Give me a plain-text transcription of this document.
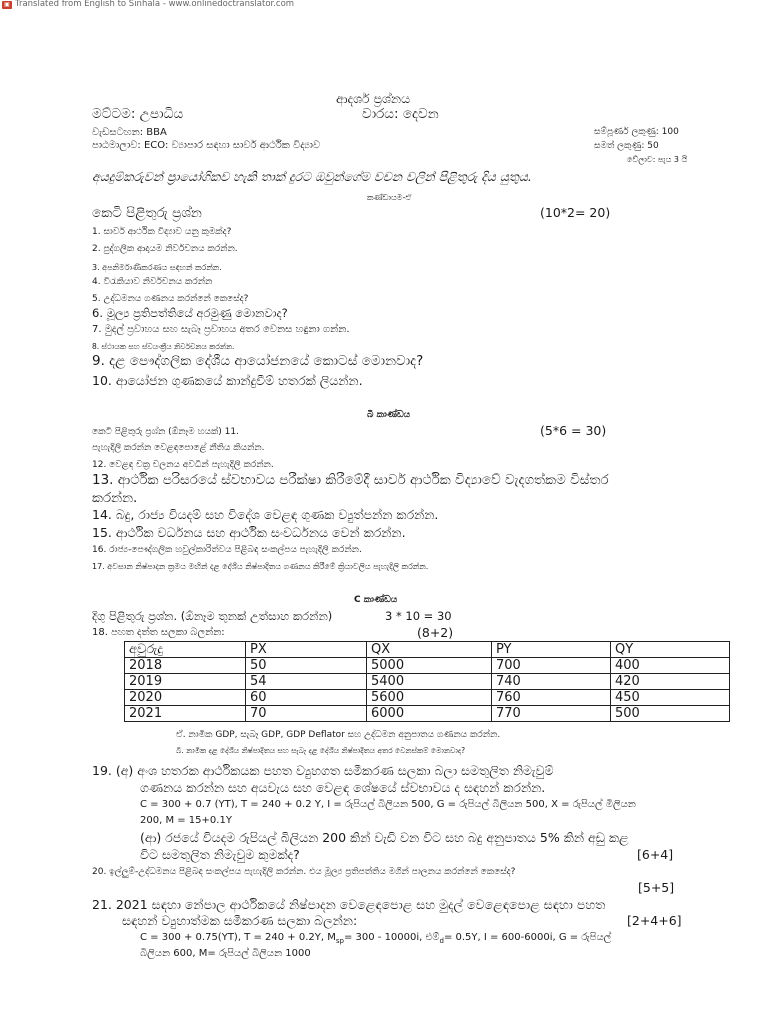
▣ Translated from English to Sinhala - www.onlinedoctranslator.com
ආදර්ශ ප්‍රශ්නය
මට්ටම: උපාධිය	වාරය: දෙවන
වැඩසටහන: BBA	සම්පූර්ණ ලකුණු: 100
පාඨමාලාව: ECO: ව්‍යාපාර සඳහා සාර්ව ආර්ථික විද්‍යාව	සමත් ලකුණු: 50
වේලාව: පැය 3 යි
අයදුම්කරුවන් ප්‍රායෝගිකව හැකි තාක් දුරට ඔවුන්ගේම වචන වලින් පිළිතුරු දිය යුතුය.
කණ්ඩායම-ඒ
කෙටි පිළිතුරු ප්‍රශ්න	(10*2= 20)
1. සාර්ව ආර්ථික විද්‍යාව යනු කුමක්ද?
2. පුද්ගලික ආදායම නිර්වචනය කරන්න.
3. අපනිර්මාණීකරණය සඳහන් කරන්න.
4. විරැකියාව නිර්වචනය කරන්න
5. උද්ධමනය ගණනය කරන්නේ කෙසේද?
6. මූල්‍ය ප්‍රතිපත්තියේ අරමුණු මොනවාද?
7. මුදල් ප්‍රවාහය සහ සැබෑ ප්‍රවාහය අතර වෙනස හඳුනා ගන්න.
8. ස්ථායක සහ ස්වයංක්‍රීය නිර්වචනය කරන්න.
9. දළ පෞද්ගලික දේශීය ආයෝජනයේ කොටස් මොනවාද?
10. ආයෝජන ගුණකයේ කාන්දුවීම් හතරක් ලියන්න.
බී කාණ්ඩය
කෙටි පිළිතුරු ප්‍රශ්න (ඕනෑම හයක්) 11.	(5*6 = 30)
පැහැදිලි කරන්න වෙළඳපොළේ නීතිය කියන්න.
12. වෙළඳ චක්‍ර චලනය අවධීන් පැහැදිලි කරන්න.
13. ආර්ථික පරිසරයේ ස්වභාවය පරීක්ෂා කිරීමේදී සාර්ව ආර්ථික විද්‍යාවේ වැදගත්කම විස්තර
කරන්න.
14. බදු, රාජ්‍ය වියදම් සහ විදේශ වෙළඳ ගුණක ව්‍යුත්පන්න කරන්න.
15. ආර්ථික වර්ධනය සහ ආර්ථික සංවර්ධනය වෙන් කරන්න.
16. රාජ්‍ය-පෞද්ගලික හවුල්කාරිත්වය පිළිබඳ සංකල්පය පැහැදිලි කරන්න.
17. අවසාන නිෂ්පාදන ක්‍රමය මඟින් දළ දේශීය නිෂ්පාදිතය ගණනය කිරීමේ ක්‍රියාවලිය පැහැදිලි කරන්න.
C කාණ්ඩය
දිගු පිළිතුරු ප්‍රශ්න. (ඕනෑම තුනක් උත්සාහ කරන්න)	3 * 10 = 30
18. පහත දත්ත සලකා බලන්න:	(8+2)
අවුරුදු	PX	QX	PY	QY
2018	50	5000	700	400
2019	54	5400	740	420
2020	60	5600	760	450
2021	70	6000	770	500
ඒ. නාමික GDP, සැබෑ GDP, GDP Deflator සහ උද්ධමන අනුපාතය ගණනය කරන්න.
බී. නාමික දළ දේශීය නිෂ්පාදිතය සහ සැබෑ දළ දේශීය නිෂ්පාදිතය අතර වෙනස්කම් මොනවාද?
19. (අ) අංශ හතරක ආර්ථිකයක පහත ව්‍යුහගත සමීකරණ සලකා බලා සමතුලිත නිමැවුම්
ගණනය කරන්න සහ අයවැය සහ වෙළඳ ශේෂයේ ස්වභාවය ද සඳහන් කරන්න.
C = 300 + 0.7 (YT), T = 240 + 0.2 Y, I = රුපියල් බිලියන 500, G = රුපියල් බිලියන 500, X = රුපියල් මිලියන
200, M = 15+0.1Y
(ආ) රජයේ වියදම රුපියල් බිලියන 200 කින් වැඩි වන විට සහ බදු අනුපාතය 5% කින් අඩු කළ
විට සමතුලිත නිමැවුම කුමක්ද?	[6+4]
20. ඉල්ලුම්-උද්ධමනය පිළිබඳ සංකල්පය පැහැදිලි කරන්න. එය මූල්‍ය ප්‍රතිපත්තිය මගින් පාලනය කරන්නේ කෙසේද?
[5+5]
21. 2021 සඳහා නේපාල ආර්ථිකයේ නිෂ්පාදන වෙළෙඳපොළ සහ මුදල් වෙළෙඳපොළ සඳහා පහත
සඳහන් ව්‍යුහාත්මක සමීකරණ සලකා බලන්න:	[2+4+6]
C = 300 + 0.75(YT), T = 240 + 0.2Y, $M_{sp}= 300 - 10000i$, $එම්_d= 0.5Y$, I = 600-6000i, G = රුපියල්
බිලියන 600, M= රුපියල් බිලියන 1000
